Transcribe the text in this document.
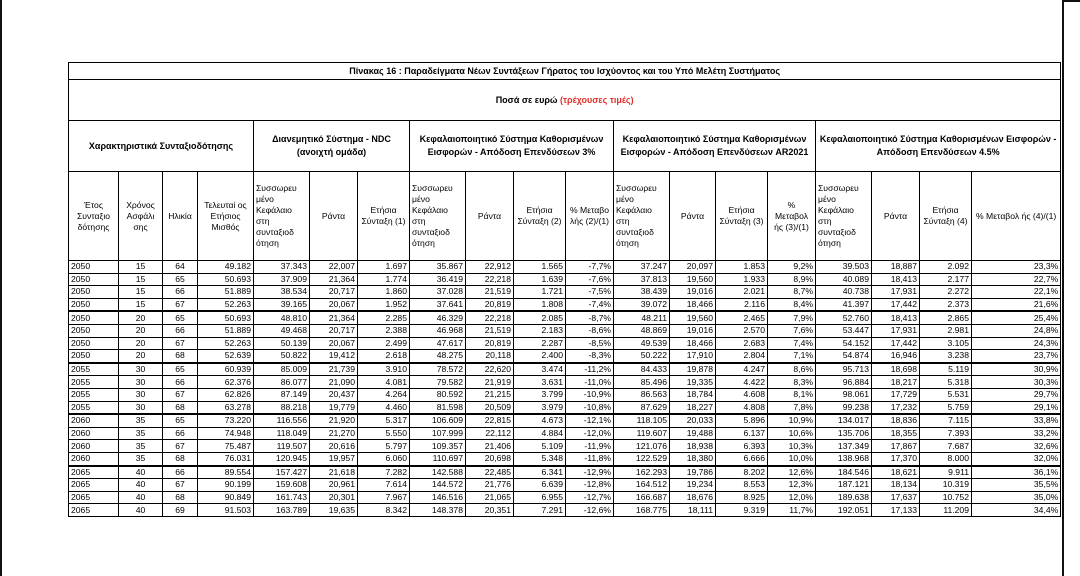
Πίνακας 16 : Παραδείγματα Νέων Συντάξεων Γήρατος του Ισχύοντος και του Υπό Μελέτη Συστήματος																		
Ποσά σε ευρώ (τρέχουσες τιμές)																		
Χαρακτηριστικά Συνταξιοδότησης				Διανεμητικό Σύστημα - NDC (ανοιχτή ομάδα)			Κεφαλαιοποιητικό Σύστημα Καθορισμένων Εισφορών - Απόδοση Επενδύσεων 3%				Κεφαλαιοποιητικό Σύστημα Καθορισμένων Εισφορών - Απόδοση Επενδύσεων AR2021				Κεφαλαιοποιητικό Σύστημα Καθορισμένων Εισφορών - Απόδοση Επενδύσεων 4.5%			
Έτος Συνταξιο δότησης	Χρόνος Ασφάλι σης	Ηλικία	Τελευταί ος Ετήσιος Μισθός	Συσσωρευ μένο Κεφάλαιο στη συνταξιοδ ότηση	Ράντα	Ετήσια Σύνταξη (1)	Συσσωρευ μένο Κεφάλαιο στη συνταξιοδ ότηση	Ράντα	Ετήσια Σύνταξη (2)	% Μεταβο λής (2)/(1)	Συσσωρευ μένο Κεφάλαιο στη συνταξιοδ ότηση	Ράντα	Ετήσια Σύνταξη (3)	% Μεταβολ ής (3)/(1)	Συσσωρευ μένο Κεφάλαιο στη συνταξιοδ ότηση	Ράντα	Ετήσια Σύνταξη (4)	% Μεταβολ ής (4)/(1)
2050	15	64	49.182	37.343	22,007	1.697	35.867	22,912	1.565	-7,7%	37.247	20,097	1.853	9,2%	39.503	18,887	2.092	23,3%
2050	15	65	50.693	37.909	21,364	1.774	36.419	22,218	1.639	-7,6%	37.813	19,560	1.933	8,9%	40.089	18,413	2.177	22,7%
2050	15	66	51.889	38.534	20,717	1.860	37.028	21,519	1.721	-7,5%	38.439	19,016	2.021	8,7%	40.738	17,931	2.272	22,1%
2050	15	67	52.263	39.165	20,067	1.952	37.641	20,819	1.808	-7,4%	39.072	18,466	2.116	8,4%	41.397	17,442	2.373	21,6%
2050	20	65	50.693	48.810	21,364	2.285	46.329	22,218	2.085	-8,7%	48.211	19,560	2.465	7,9%	52.760	18,413	2.865	25,4%
2050	20	66	51.889	49.468	20,717	2.388	46.968	21,519	2.183	-8,6%	48.869	19,016	2.570	7,6%	53.447	17,931	2.981	24,8%
2050	20	67	52.263	50.139	20,067	2.499	47.617	20,819	2.287	-8,5%	49.539	18,466	2.683	7,4%	54.152	17,442	3.105	24,3%
2050	20	68	52.639	50.822	19,412	2.618	48.275	20,118	2.400	-8,3%	50.222	17,910	2.804	7,1%	54.874	16,946	3.238	23,7%
2055	30	65	60.939	85.009	21,739	3.910	78.572	22,620	3.474	-11,2%	84.433	19,878	4.247	8,6%	95.713	18,698	5.119	30,9%
2055	30	66	62.376	86.077	21,090	4.081	79.582	21,919	3.631	-11,0%	85.496	19,335	4.422	8,3%	96.884	18,217	5.318	30,3%
2055	30	67	62.826	87.149	20,437	4.264	80.592	21,215	3.799	-10,9%	86.563	18,784	4.608	8,1%	98.061	17,729	5.531	29,7%
2055	30	68	63.278	88.218	19,779	4.460	81.598	20,509	3.979	-10,8%	87.629	18,227	4.808	7,8%	99.238	17,232	5.759	29,1%
2060	35	65	73.220	116.556	21,920	5.317	106.609	22,815	4.673	-12,1%	118.105	20,033	5.896	10,9%	134.017	18,836	7.115	33,8%
2060	35	66	74.948	118.049	21,270	5.550	107.999	22,112	4.884	-12,0%	119.607	19,488	6.137	10,6%	135.706	18,355	7.393	33,2%
2060	35	67	75.487	119.507	20,616	5.797	109.357	21,406	5.109	-11,9%	121.076	18,938	6.393	10,3%	137.349	17,867	7.687	32,6%
2060	35	68	76.031	120.945	19,957	6.060	110.697	20,698	5.348	-11,8%	122.529	18,380	6.666	10,0%	138.968	17,370	8.000	32,0%
2065	40	66	89.554	157.427	21,618	7.282	142.588	22,485	6.341	-12,9%	162.293	19,786	8.202	12,6%	184.546	18,621	9.911	36,1%
2065	40	67	90.199	159.608	20,961	7.614	144.572	21,776	6.639	-12,8%	164.512	19,234	8.553	12,3%	187.121	18,134	10.319	35,5%
2065	40	68	90.849	161.743	20,301	7.967	146.516	21,065	6.955	-12,7%	166.687	18,676	8.925	12,0%	189.638	17,637	10.752	35,0%
2065	40	69	91.503	163.789	19,635	8.342	148.378	20,351	7.291	-12,6%	168.775	18,111	9.319	11,7%	192.051	17,133	11.209	34,4%
